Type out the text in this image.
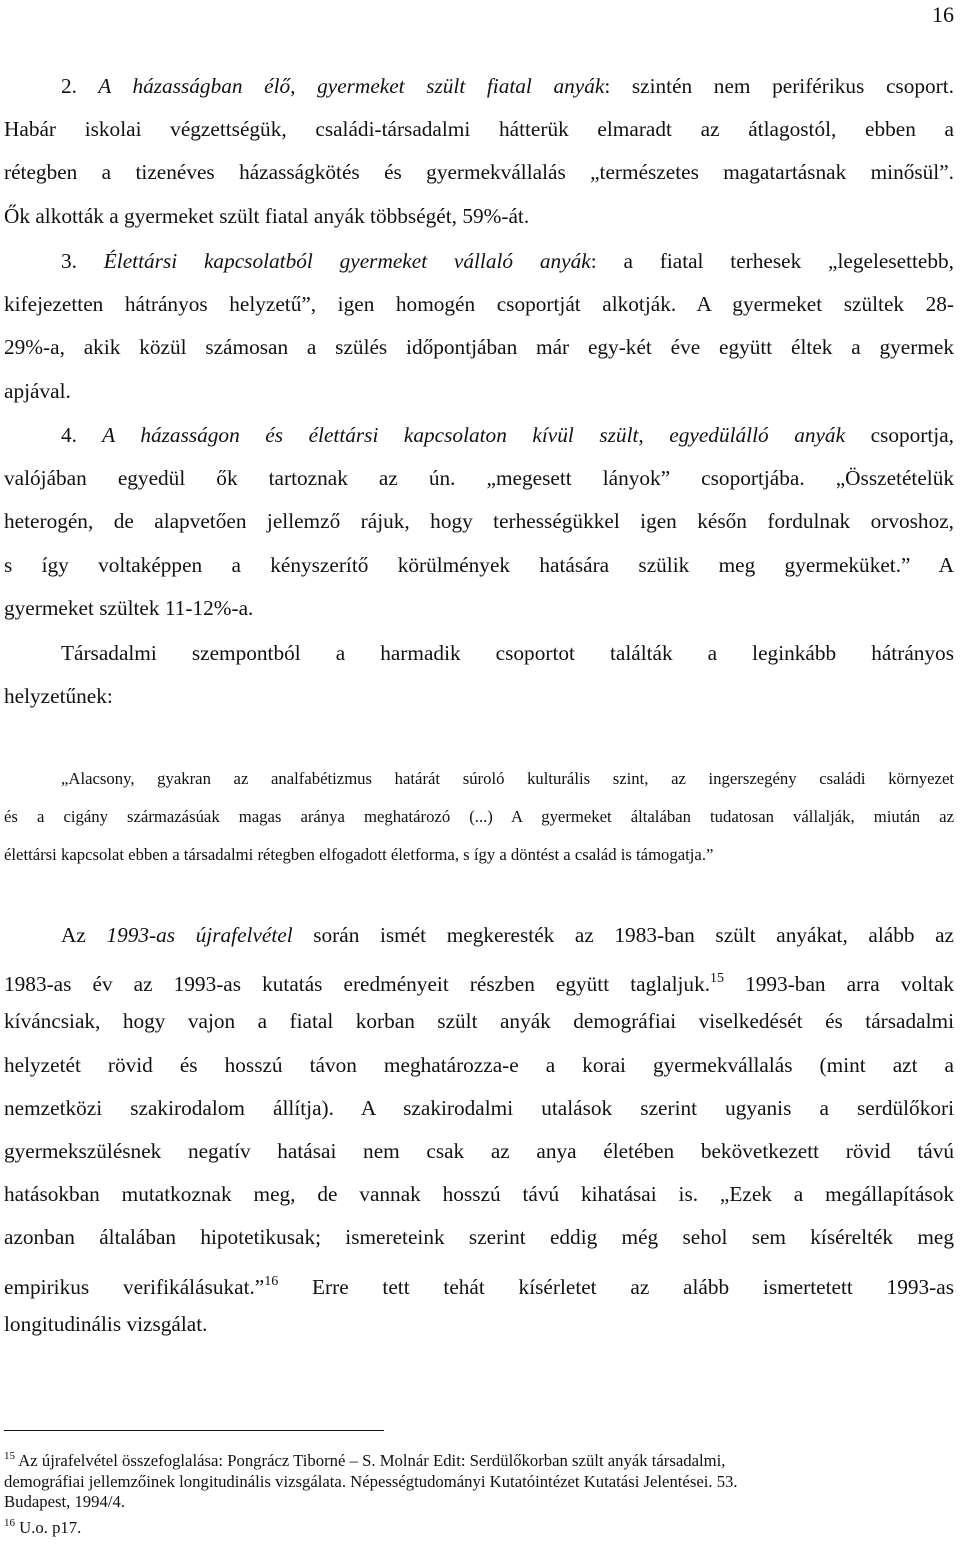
16
2. A házasságban élő, gyermeket szült fiatal anyák: szintén nem periférikus csoport.
Habár iskolai végzettségük, családi-társadalmi hátterük elmaradt az átlagostól, ebben a
rétegben a tizenéves házasságkötés és gyermekvállalás „természetes magatartásnak minősül”.
Ők alkották a gyermeket szült fiatal anyák többségét, 59%-át.
3. Élettársi kapcsolatból gyermeket vállaló anyák: a fiatal terhesek „legelesettebb,
kifejezetten hátrányos helyzetű”, igen homogén csoportját alkotják. A gyermeket szültek 28-
29%-a, akik közül számosan a szülés időpontjában már egy-két éve együtt éltek a gyermek
apjával.
4. A házasságon és élettársi kapcsolaton kívül szült, egyedülálló anyák csoportja,
valójában egyedül ők tartoznak az ún. „megesett lányok” csoportjába. „Összetételük
heterogén, de alapvetően jellemző rájuk, hogy terhességükkel igen későn fordulnak orvoshoz,
s így voltaképpen a kényszerítő körülmények hatására szülik meg gyermeküket.” A
gyermeket szültek 11-12%-a.
Társadalmi szempontból a harmadik csoportot találták a leginkább hátrányos
helyzetűnek:
„Alacsony, gyakran az analfabétizmus határát súroló kulturális szint, az ingerszegény családi környezet
és a cigány származásúak magas aránya meghatározó (...) A gyermeket általában tudatosan vállalják, miután az
élettársi kapcsolat ebben a társadalmi rétegben elfogadott életforma, s így a döntést a család is támogatja.”
Az 1993-as újrafelvétel során ismét megkeresték az 1983-ban szült anyákat, alább az
1983-as év az 1993-as kutatás eredményeit részben együtt taglaljuk.$^{15}$ 1993-ban arra voltak
kíváncsiak, hogy vajon a fiatal korban szült anyák demográfiai viselkedését és társadalmi
helyzetét rövid és hosszú távon meghatározza-e a korai gyermekvállalás (mint azt a
nemzetközi szakirodalom állítja). A szakirodalmi utalások szerint ugyanis a serdülőkori
gyermekszülésnek negatív hatásai nem csak az anya életében bekövetkezett rövid távú
hatásokban mutatkoznak meg, de vannak hosszú távú kihatásai is. „Ezek a megállapítások
azonban általában hipotetikusak; ismereteink szerint eddig még sehol sem kísérelték meg
empirikus verifikálásukat.”$^{16}$ Erre tett tehát kísérletet az alább ismertetett 1993-as
longitudinális vizsgálat.
$^{15}$ Az újrafelvétel összefoglalása: Pongrácz Tiborné – S. Molnár Edit: Serdülőkorban szült anyák társadalmi,
demográfiai jellemzőinek longitudinális vizsgálata. Népességtudományi Kutatóintézet Kutatási Jelentései. 53.
Budapest, 1994/4.
$^{16}$ U.o. p17.
